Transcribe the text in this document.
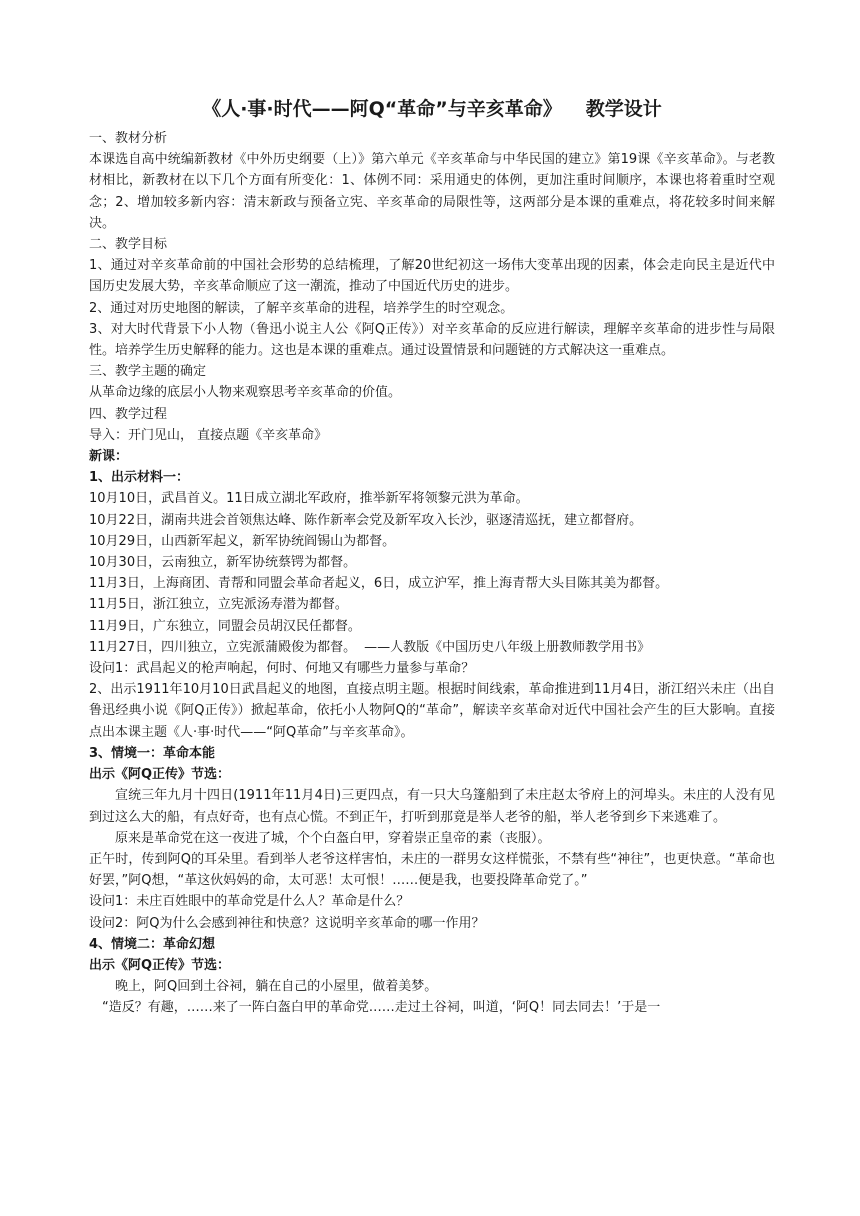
《人·事·时代——阿Q“革命”与辛亥革命》 教学设计

一、教材分析

本课选自高中统编新教材《中外历史纲要（上）》第六单元《辛亥革命与中华民国的建立》第19课《辛亥革命》。与老教材相比，新教材在以下几个方面有所变化：1、体例不同：采用通史的体例，更加注重时间顺序，本课也将着重时空观念；2、增加较多新内容：清末新政与预备立宪、辛亥革命的局限性等，这两部分是本课的重难点，将花较多时间来解决。

二、教学目标

1、通过对辛亥革命前的中国社会形势的总结梳理，了解20世纪初这一场伟大变革出现的因素，体会走向民主是近代中国历史发展大势，辛亥革命顺应了这一潮流，推动了中国近代历史的进步。

2、通过对历史地图的解读，了解辛亥革命的进程，培养学生的时空观念。

3、对大时代背景下小人物（鲁迅小说主人公《阿Q正传》）对辛亥革命的反应进行解读，理解辛亥革命的进步性与局限性。培养学生历史解释的能力。这也是本课的重难点。通过设置情景和问题链的方式解决这一重难点。

三、教学主题的确定

从革命边缘的底层小人物来观察思考辛亥革命的价值。

四、教学过程

导入：开门见山， 直接点题《辛亥革命》

新课：

1、出示材料一：

10月10日，武昌首义。11日成立湖北军政府，推举新军将领黎元洪为革命。

10月22日，湖南共进会首领焦达峰、陈作新率会党及新军攻入长沙，驱逐清巡抚，建立都督府。

10月29日，山西新军起义，新军协统阎锡山为都督。

10月30日，云南独立，新军协统蔡锷为都督。

11月3日，上海商团、青帮和同盟会革命者起义，6日，成立沪军，推上海青帮大头目陈其美为都督。

11月5日，浙江独立，立宪派汤寿潜为都督。

11月9日，广东独立，同盟会员胡汉民任都督。

11月27日，四川独立，立宪派蒲殿俊为都督。 ——人教版《中国历史八年级上册教师教学用书》

设问1：武昌起义的枪声响起，何时、何地又有哪些力量参与革命？

2、出示1911年10月10日武昌起义的地图，直接点明主题。根据时间线索，革命推进到11月4日，浙江绍兴未庄（出自鲁迅经典小说《阿Q正传》）掀起革命，依托小人物阿Q的“革命”，解读辛亥革命对近代中国社会产生的巨大影响。直接点出本课主题《人·事·时代——“阿Q革命”与辛亥革命》。

3、情境一：革命本能

出示《阿Q正传》节选：

宣统三年九月十四日(1911年11月4日)三更四点，有一只大乌篷船到了未庄赵太爷府上的河埠头。未庄的人没有见到过这么大的船，有点好奇，也有点心慌。不到正午，打听到那竟是举人老爷的船，举人老爷到乡下来逃难了。

原来是革命党在这一夜进了城，个个白盔白甲，穿着崇正皇帝的素（丧服）。

正午时，传到阿Q的耳朵里。看到举人老爷这样害怕，未庄的一群男女这样慌张，不禁有些“神往”，也更快意。“革命也好罢，”阿Q想，“革这伙妈妈的命，太可恶！太可恨！……便是我，也要投降革命党了。”

设问1：未庄百姓眼中的革命党是什么人？革命是什么？

设问2：阿Q为什么会感到神往和快意？这说明辛亥革命的哪一作用？

4、情境二：革命幻想

出示《阿Q正传》节选：

晚上，阿Q回到土谷祠，躺在自己的小屋里，做着美梦。

“造反？有趣，……来了一阵白盔白甲的革命党……走过土谷祠，叫道，‘阿Q！同去同去！’于是一
